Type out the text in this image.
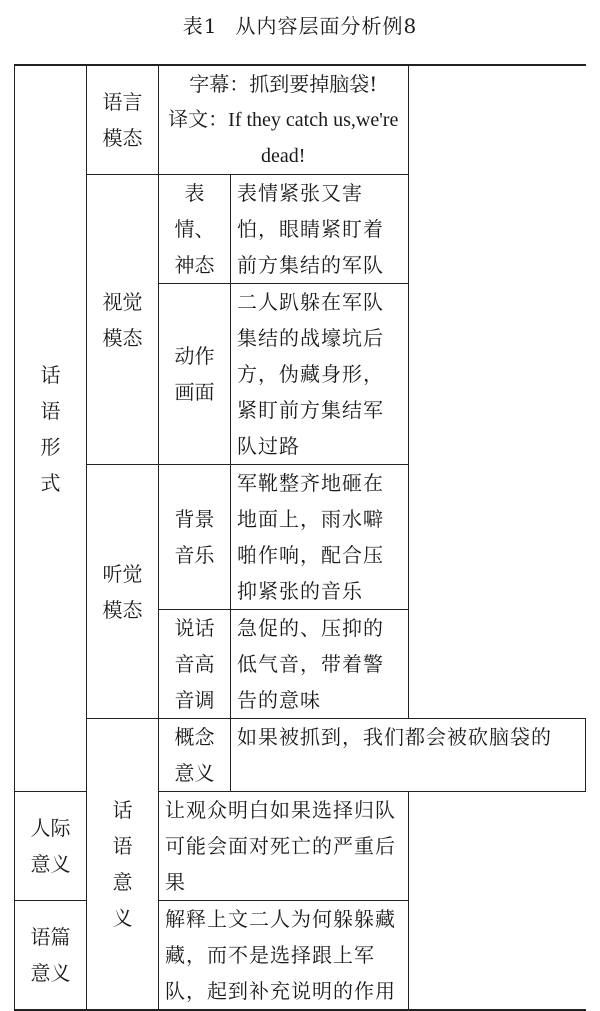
表1 从内容层面分析例8
话语形式	语言模态	字幕：抓到要掉脑袋!
译文：If they catch us,we're dead!	

	视觉模态	表情、神态	表情紧张又害怕，眼睛紧盯着前方集结的军队
		动作画面	二人趴躲在军队集结的战壕坑后方，伪藏身形，紧盯前方集结军队过路
	听觉模态	背景音乐	军靴整齐地砸在地面上，雨水噼啪作响，配合压抑紧张的音乐
		说话音高音调	急促的、压抑的低气音，带着警告的意味
	话语意义	概念意义	如果被抓到，我们都会被砍脑袋的
人际意义		让观众明白如果选择归队可能会面对死亡的严重后果	
语篇意义		解释上文二人为何躲躲藏藏，而不是选择跟上军队，起到补充说明的作用	
